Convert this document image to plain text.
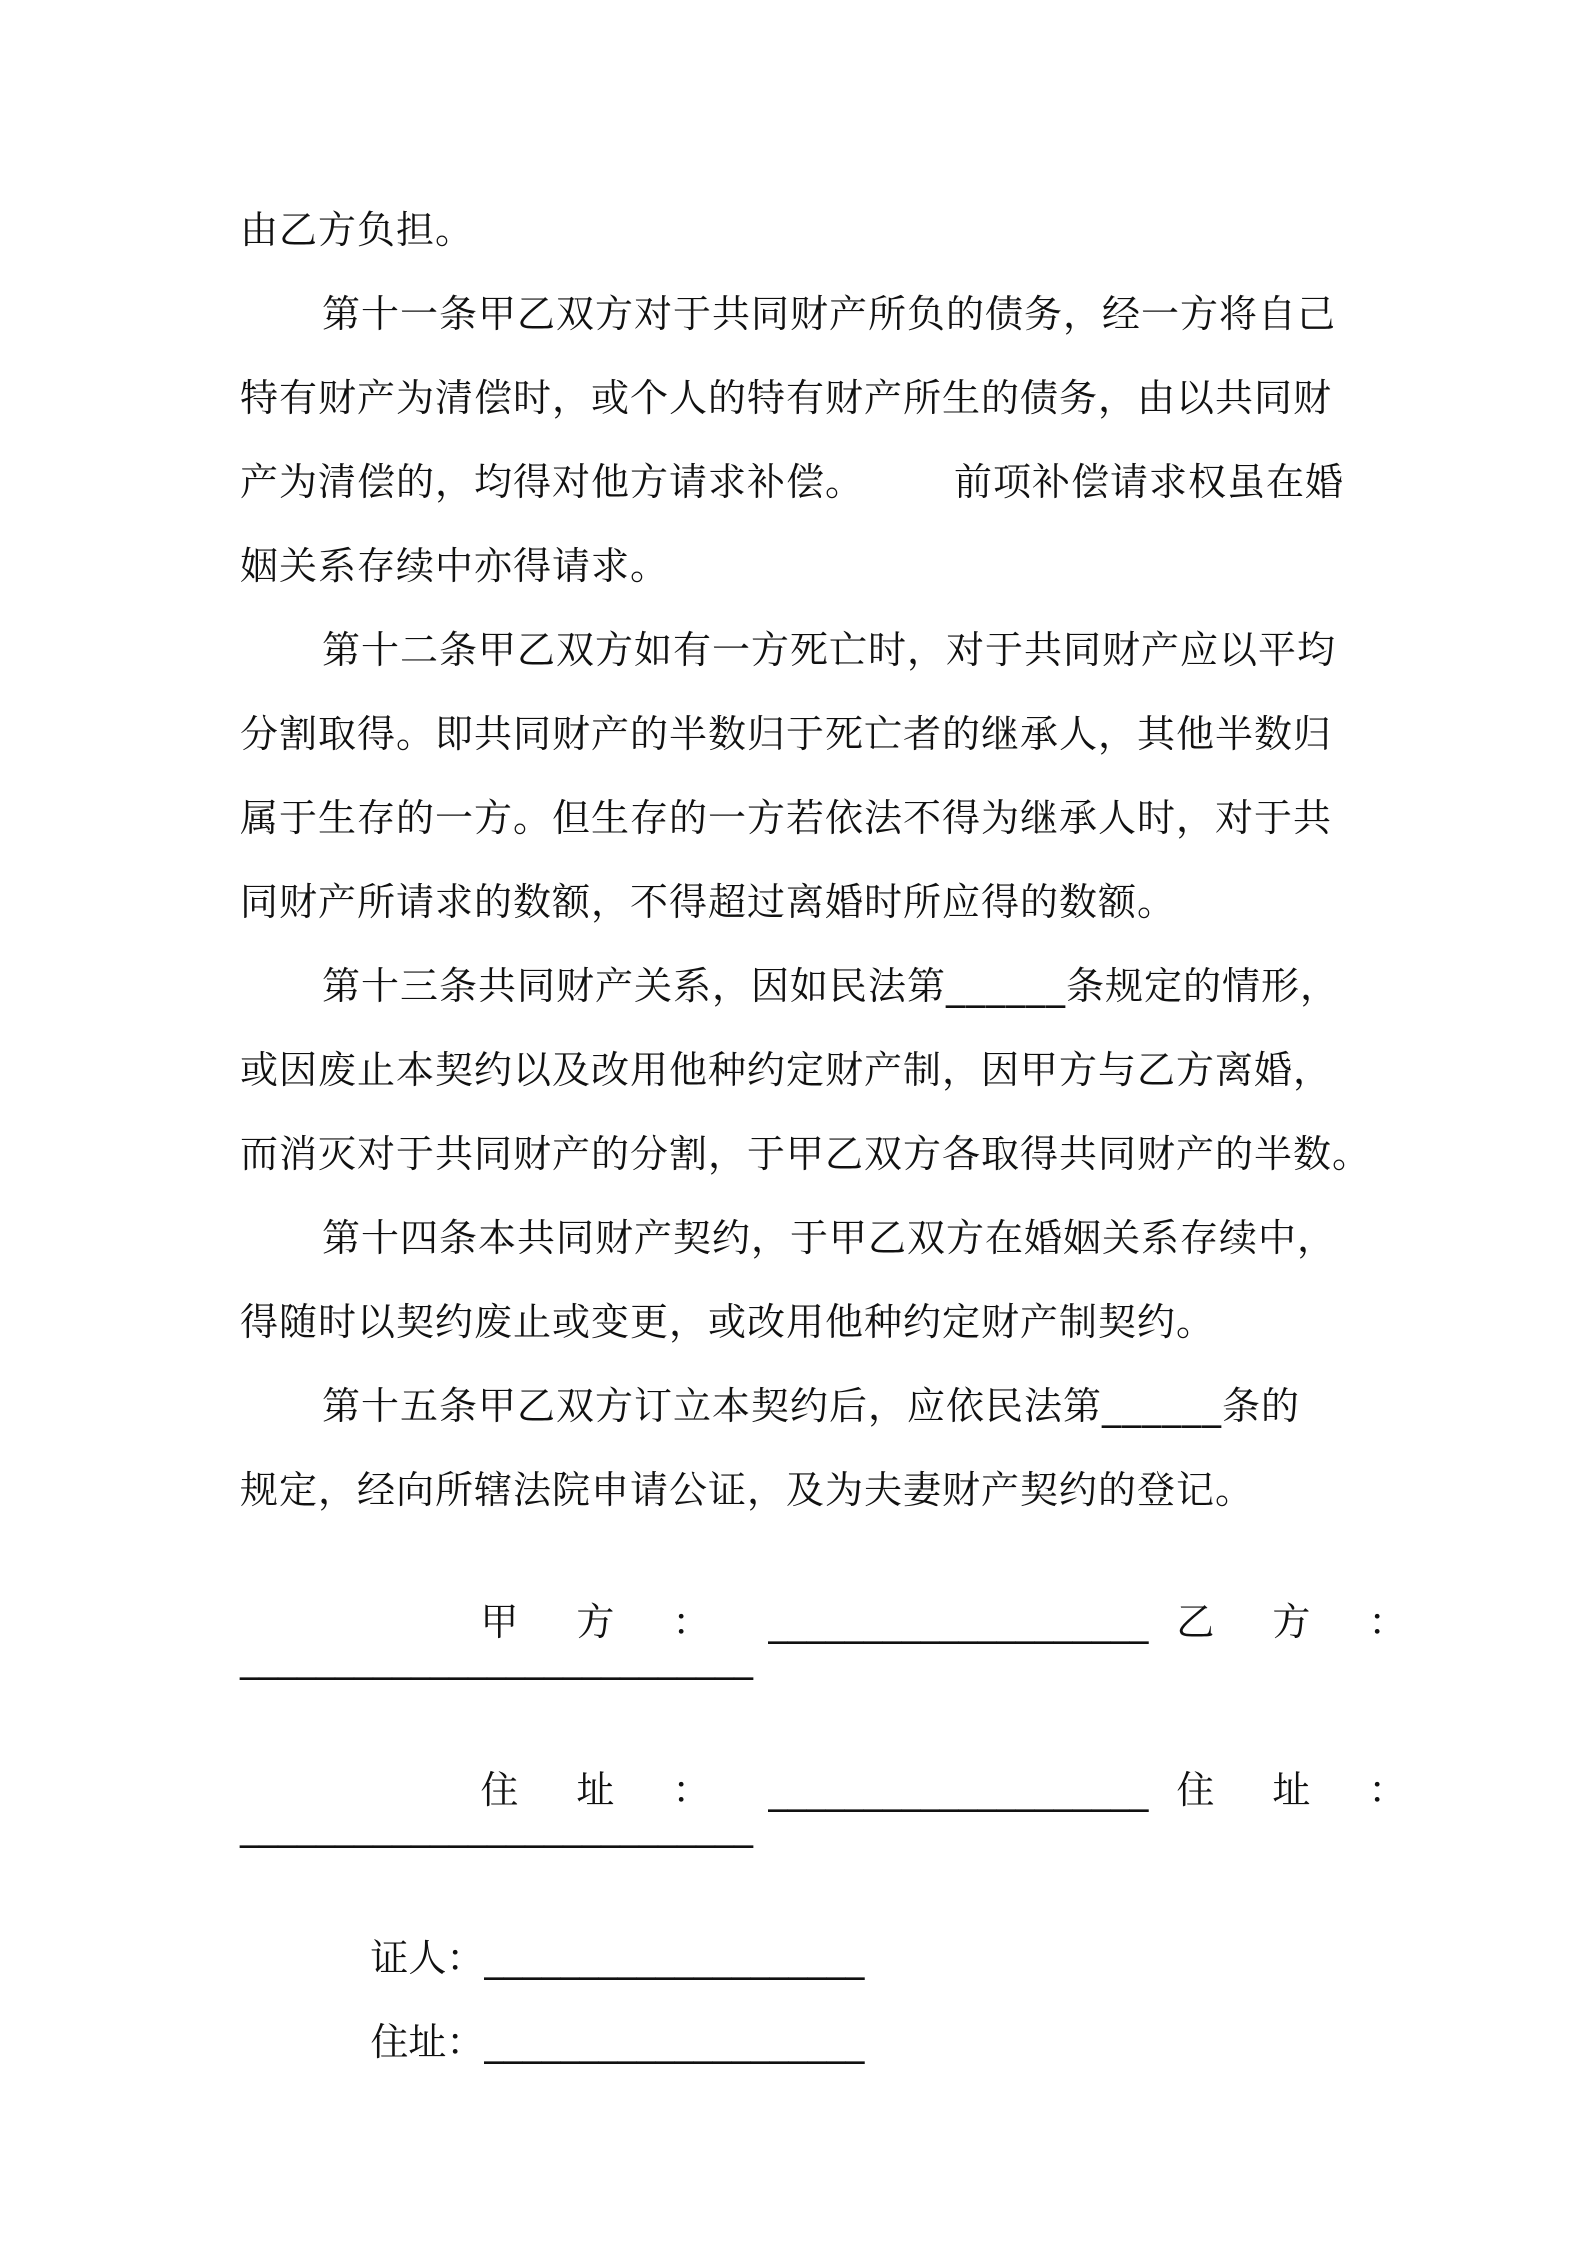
由乙方负担。
第十一条甲乙双方对于共同财产所负的债务，经一方将自己
特有财产为清偿时，或个人的特有财产所生的债务，由以共同财
产为清偿的，均得对他方请求补偿。 前项补偿请求权虽在婚
姻关系存续中亦得请求。
第十二条甲乙双方如有一方死亡时，对于共同财产应以平均
分割取得。即共同财产的半数归于死亡者的继承人，其他半数归
属于生存的一方。但生存的一方若依法不得为继承人时，对于共
同财产所请求的数额，不得超过离婚时所应得的数额。
第十三条共同财产关系，因如民法第______条规定的情形，
或因废止本契约以及改用他种约定财产制，因甲方与乙方离婚，
而消灭对于共同财产的分割，于甲乙双方各取得共同财产的半数。
第十四条本共同财产契约，于甲乙双方在婚姻关系存续中，
得随时以契约废止或变更，或改用他种约定财产制契约。
第十五条甲乙双方订立本契约后，应依民法第______条的
规定，经向所辖法院申请公证，及为夫妻财产契约的登记。

甲 方 ： ____________________
乙 方 ：

___________________________

住 址 ： ____________________
住 址 ：

___________________________

证人：____________________

住址：____________________
